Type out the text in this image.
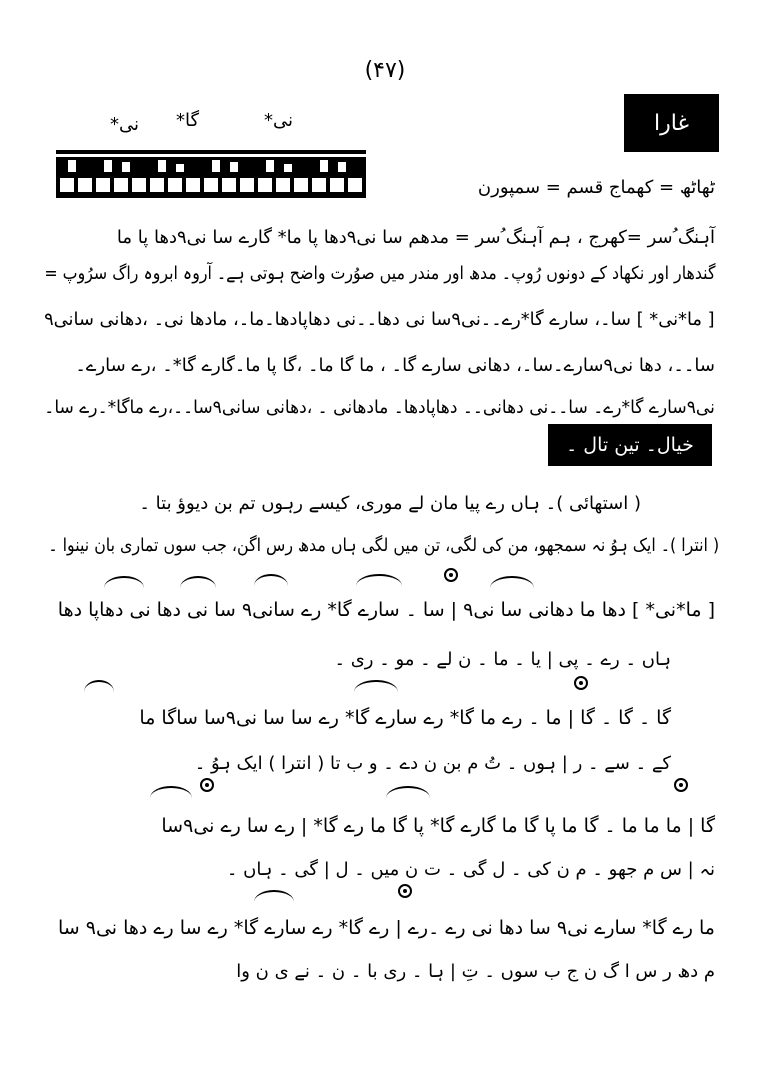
(۴۷)
غارا
نی* گا*	نی*
ٹھاٹھ = کھماج قسم = سمپورن
آہنگ ُسر =کھرج ، ہم آہنگ ُسر = مدھم سا نی۹دھا پا ما* گارے سا نی۹دھا پا ما
گندھار اور نکھاد کے دونوں رُوپ۔ مدھ اور مندر میں صوُرت واضح ہوتی ہے۔ آروہ ابروہ راگ سرُوپ =
[ ما*نی* ] سا۔، سارے گا*رے۔۔نی۹سا نی دھا۔۔نی دھاپادھا۔ما۔، مادھا نی۔ ،دھانی سانی۹
سا۔۔، دھا نی۹سارے۔سا۔، دھانی سارے گا۔ ، ما گا ما۔ ،گا پا ما۔گارے گا*۔ ،رے سارے۔
نی۹سارے گا*رے۔ سا۔۔نی دھانی۔۔ دھاپادھا۔ مادھانی ۔ ،دھانی سانی۹سا۔۔،رے ماگا*۔رے سا۔
خیال۔ تین تال ۔
( استھائی )۔ ہاں رے پیا مان لے موری، کیسے رہوں تم بن دیوؤ بتا ۔
( انترا )۔ ایک ہوُ نہ سمجھو، من کی لگی، تن میں لگی ہاں مدھ رس اگن، جب سوں تماری بان نینوا ۔
[ ما*نی* ] دھا ما دھانی سا نی۹ | سا ۔ سارے گا* رے سانی۹ سا نی دھا نی دھاپا دھا
ہاں ۔ رے ۔ پی | یا ۔ ما ۔ ن لے ۔ مو ۔ ری ۔
گا ۔ گا ۔ گا | ما ۔ رے ما گا* رے سارے گا* رے سا سا نی۹سا ساگا ما
کے ۔ سے ۔ ر | ہوں ۔ تُ م بن ن دے ۔ و ب تا ( انترا ) ایک ہوُ ۔
گا | ما ما ما ۔ گا ما پا گا ما گارے گا* پا گا ما رے گا* | رے سا رے نی۹سا
نہ | س م جھو ۔ م ن کی ۔ ل گی ۔ ت ن میں ۔ ل | گی ۔ ہاں ۔
ما رے گا* سارے نی۹ سا دھا نی رے ۔رے | رے گا* رے سارے گا* رے سا رے دھا نی۹ سا
م دھ ر س ا گ ن ج ب سوں ۔ تِ | ہا ۔ ری با ۔ ن ۔ نے ی ن وا
